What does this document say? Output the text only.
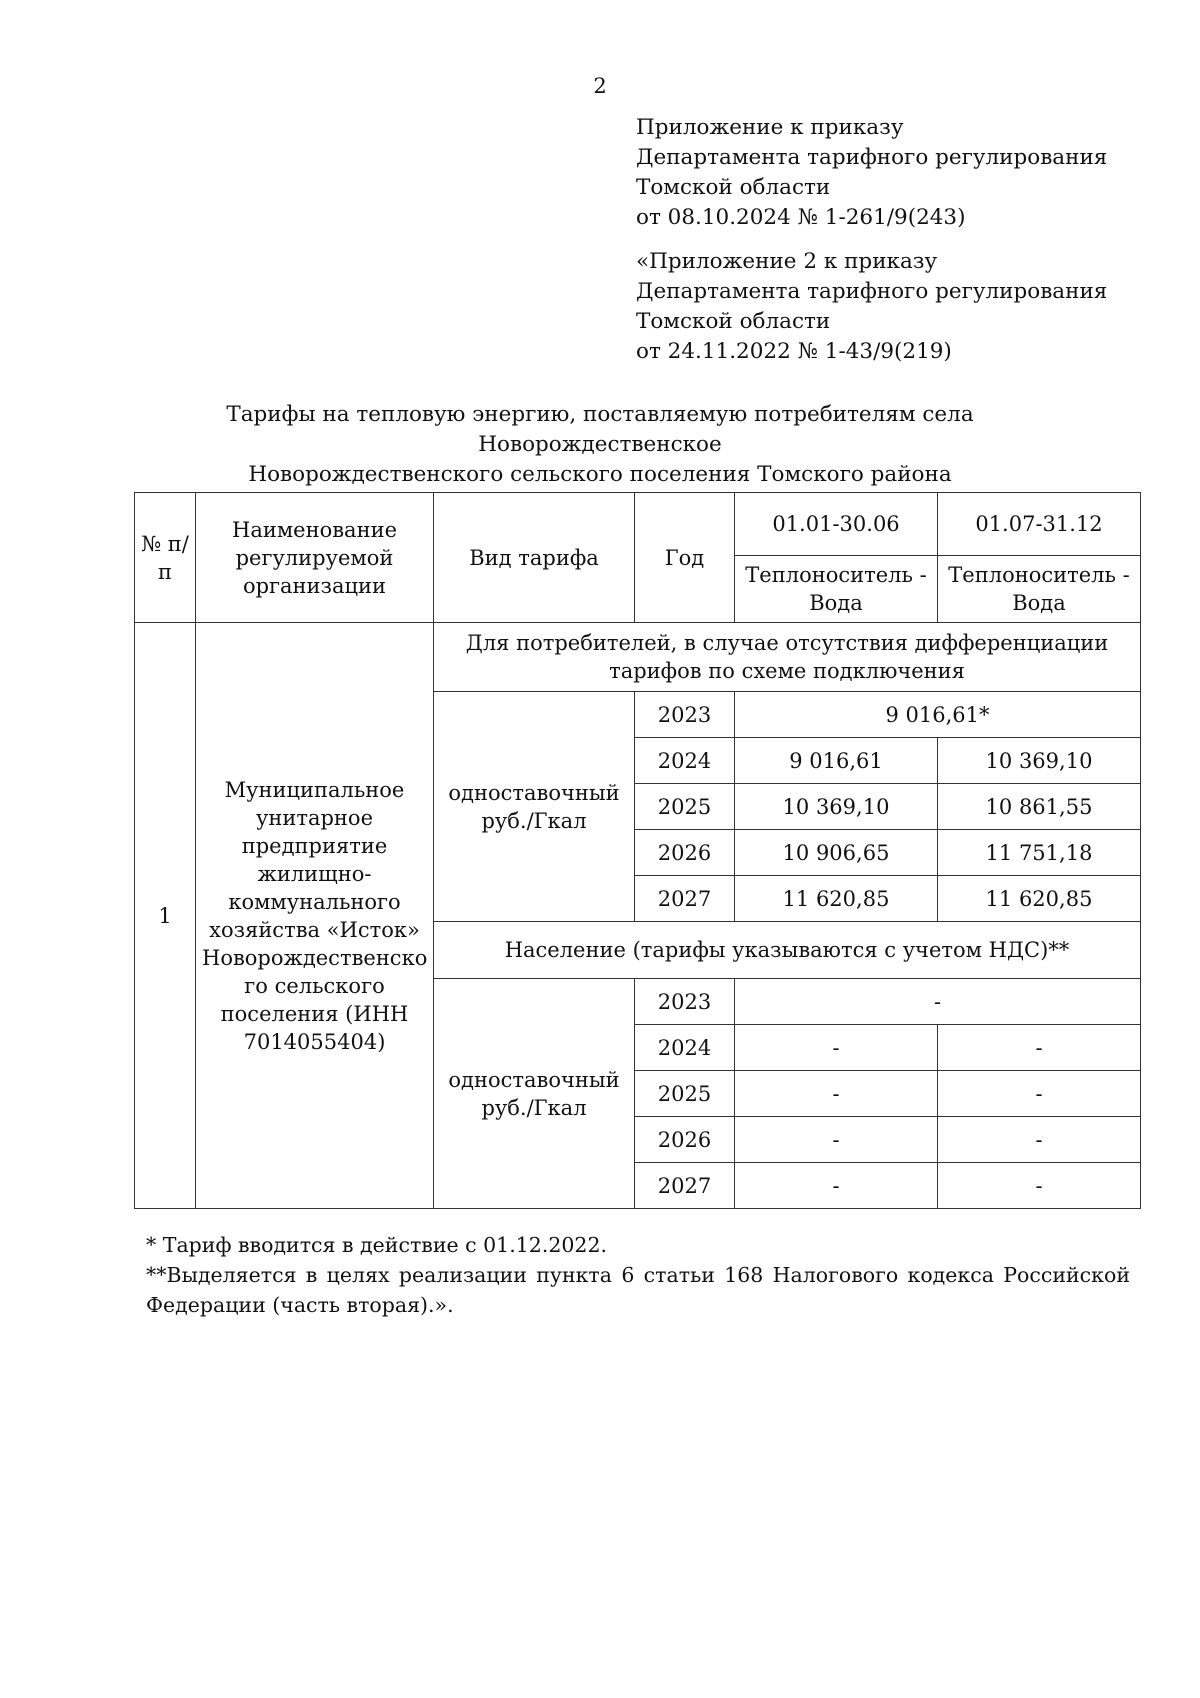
2
Приложение к приказу
Департамента тарифного регулирования
Томской области
от 08.10.2024 № 1-261/9(243)
«Приложение 2 к приказу
Департамента тарифного регулирования
Томской области
от 24.11.2022 № 1-43/9(219)
Тарифы на тепловую энергию, поставляемую потребителям села Новорождественское
Новорождественского сельского поселения Томского района
№ п/п	Наименование регулируемой организации	Вид тарифа	Год	01.01-30.06	01.07-31.12
				Теплоноситель - Вода	Теплоноситель - Вода
1	Муниципальное унитарное предприятие жилищно-коммунального хозяйства «Исток» Новорождественско го сельского поселения (ИНН 7014055404)	Для потребителей, в случае отсутствия дифференциации тарифов по схеме подключения			
		одноставочный руб./Гкал	2023	9 016,61*	
			2024	9 016,61	10 369,10
			2025	10 369,10	10 861,55
			2026	10 906,65	11 751,18
			2027	11 620,85	11 620,85
		Население (тарифы указываются с учетом НДС)**			
		одноставочный руб./Гкал	2023	-	
			2024	-	-
			2025	-	-
			2026	-	-
			2027	-	-

* Тариф вводится в действие с 01.12.2022.

**Выделяется в целях реализации пункта 6 статьи 168 Налогового кодекса Российской Федерации (часть вторая).».
